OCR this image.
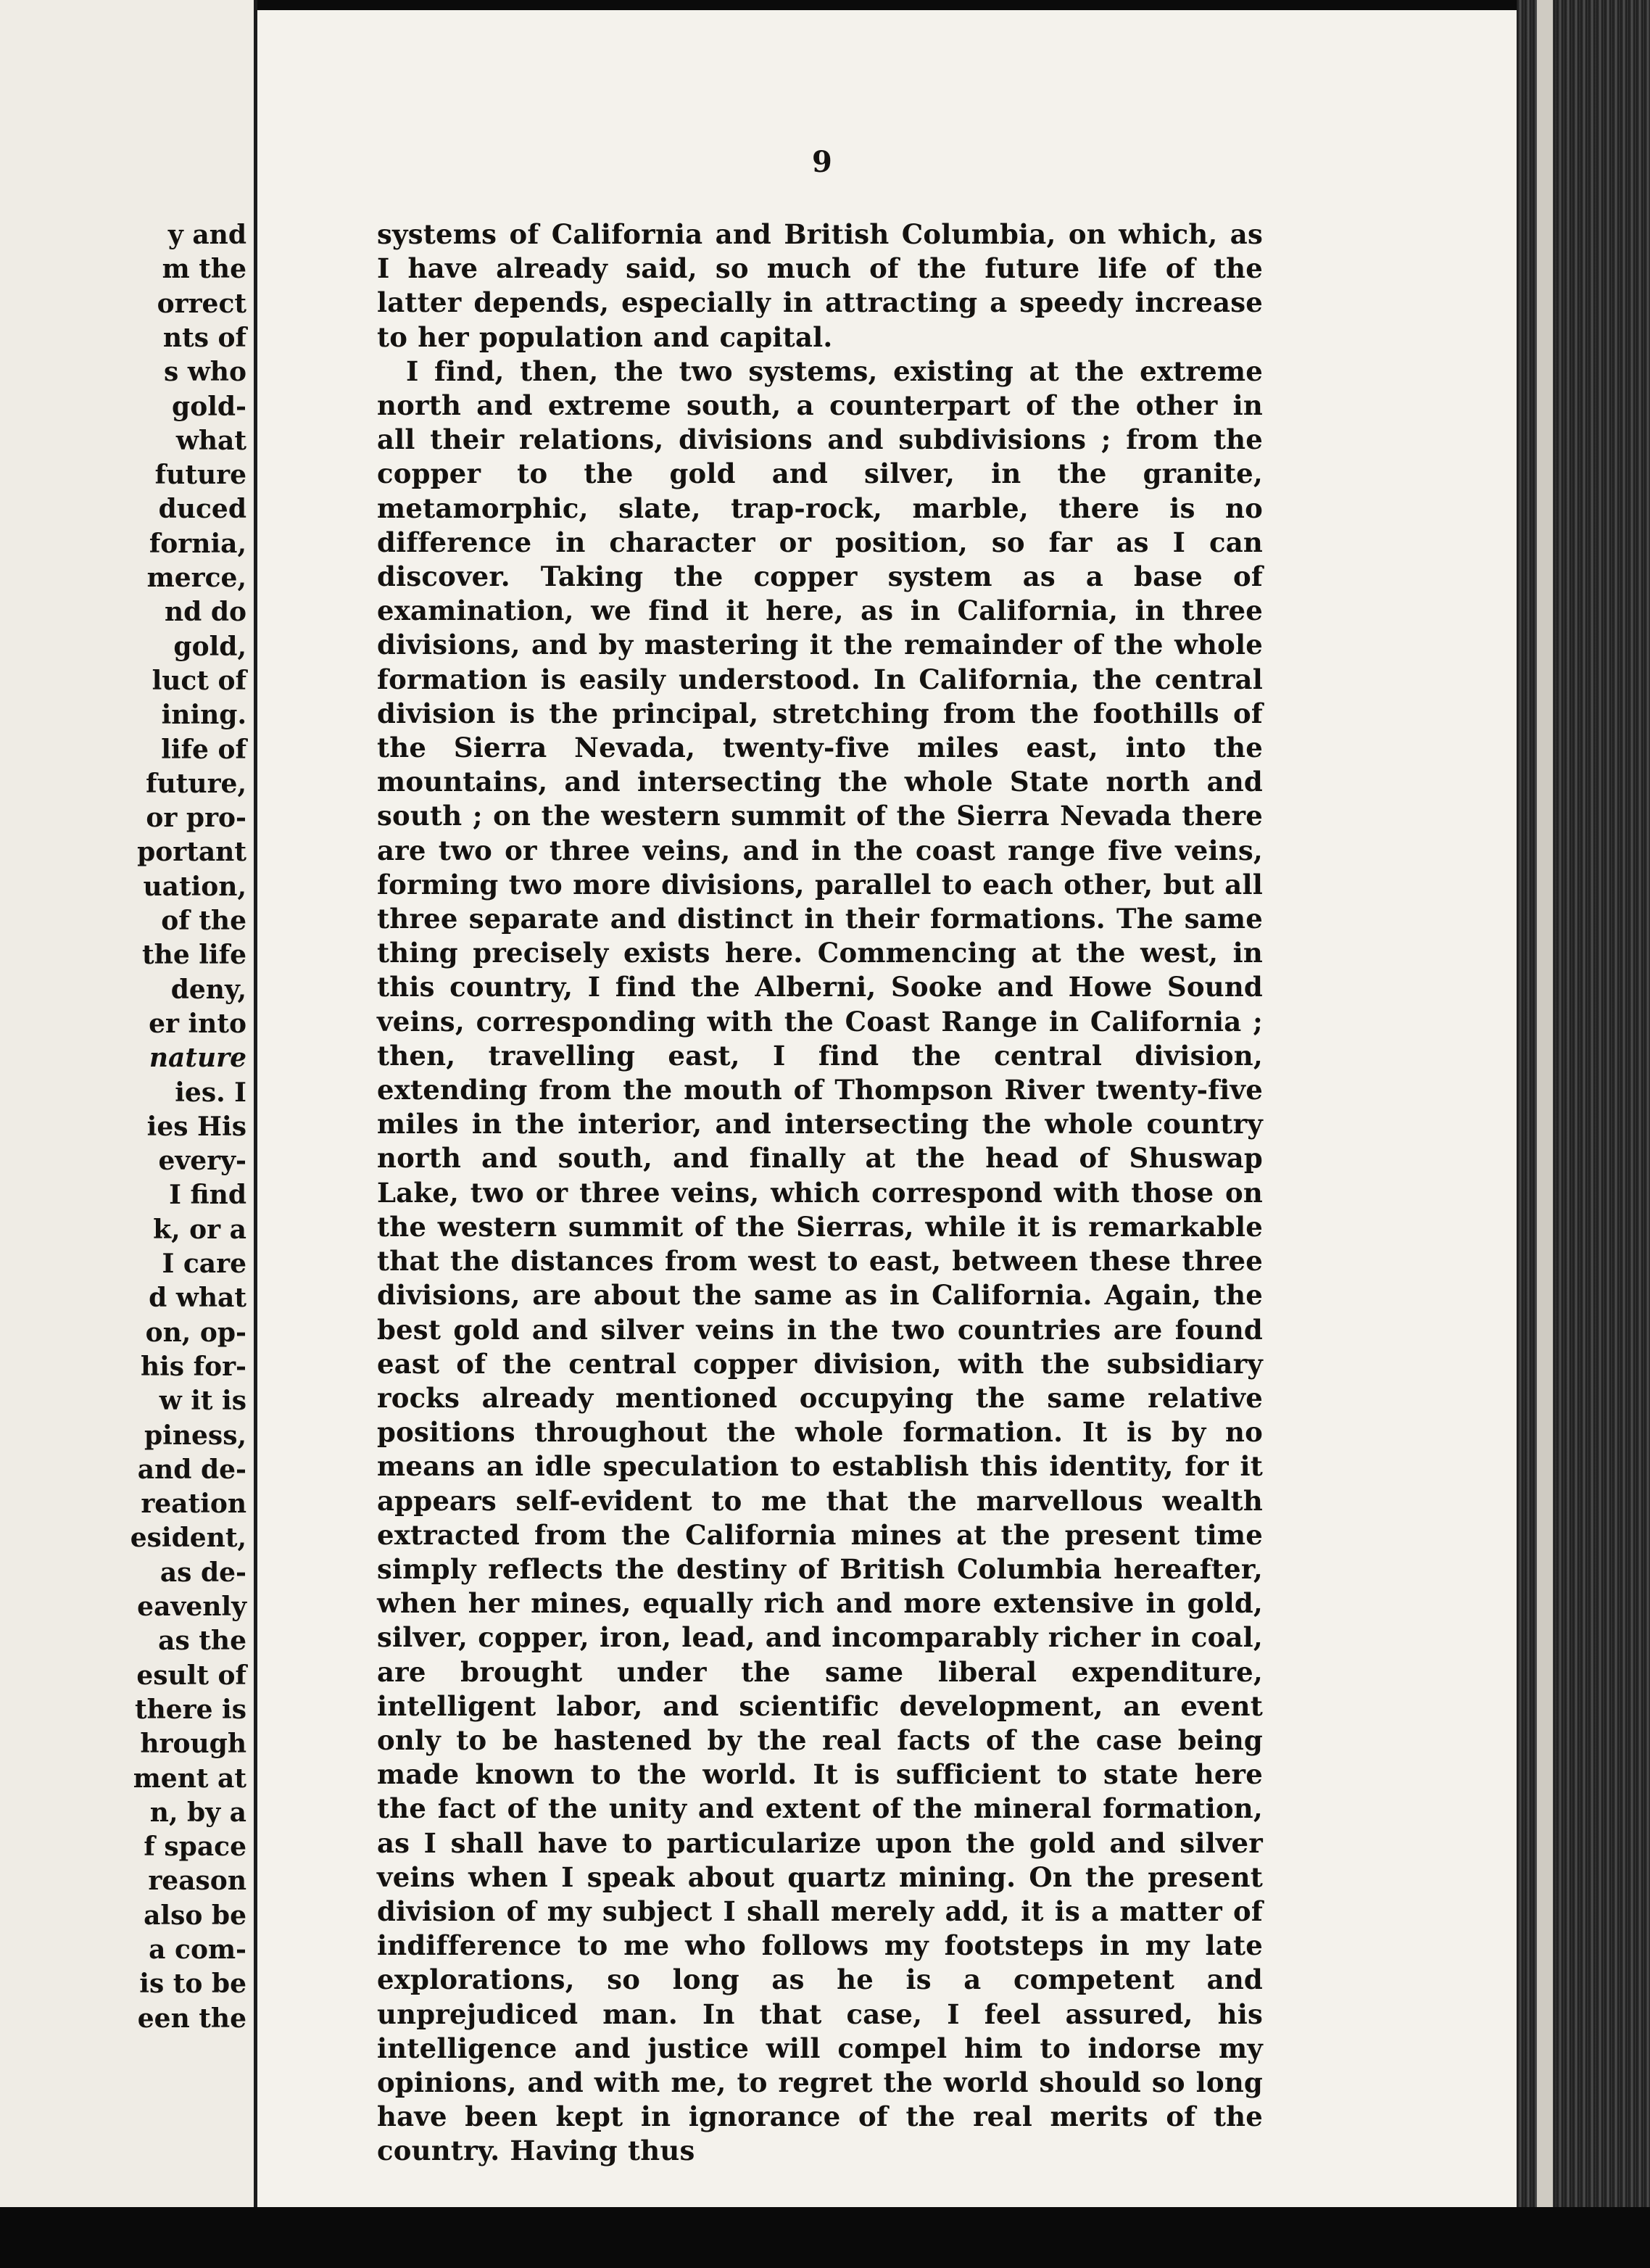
y and

m the

orrect

nts of

s who

gold-

what

future

duced

fornia,

merce,

nd do

gold,

luct of

ining.

life of

future,

or pro-

portant

uation,

of the

the life

deny,

er into

nature

ies. I

ies His

every-

I find

k, or a

I care

d what

on, op-

his for-

w it is

piness,

and de-

reation

esident,

as de-

eavenly

as the

esult of

there is

hrough

ment at

n, by a

f space

reason

also be

a com-

is to be

een the

9

systems of California and British Columbia, on which, as I have already said, so much of the future life of the latter depends, especially in attracting a speedy increase to her population and capital.

I find, then, the two systems, existing at the extreme north and extreme south, a counterpart of the other in all their relations, divisions and subdivisions ; from the copper to the gold and silver, in the granite, metamorphic, slate, trap-rock, marble, there is no difference in character or position, so far as I can discover. Taking the copper system as a base of examination, we find it here, as in California, in three divisions, and by mastering it the remainder of the whole formation is easily understood. In California, the central division is the principal, stretching from the foothills of the Sierra Nevada, twenty-five miles east, into the mountains, and intersecting the whole State north and south ; on the western summit of the Sierra Nevada there are two or three veins, and in the coast range five veins, forming two more divisions, parallel to each other, but all three separate and distinct in their formations. The same thing precisely exists here. Commencing at the west, in this country, I find the Alberni, Sooke and Howe Sound veins, corresponding with the Coast Range in California ; then, travelling east, I find the central division, extending from the mouth of Thompson River twenty-five miles in the interior, and intersecting the whole country north and south, and finally at the head of Shuswap Lake, two or three veins, which correspond with those on the western summit of the Sierras, while it is remarkable that the distances from west to east, between these three divisions, are about the same as in California. Again, the best gold and silver veins in the two countries are found east of the central copper division, with the subsidiary rocks already mentioned occupying the same relative positions throughout the whole formation. It is by no means an idle speculation to establish this identity, for it appears self-evident to me that the marvellous wealth extracted from the California mines at the present time simply reflects the destiny of British Columbia hereafter, when her mines, equally rich and more extensive in gold, silver, copper, iron, lead, and incomparably richer in coal, are brought under the same liberal expenditure, intelligent labor, and scientific development, an event only to be hastened by the real facts of the case being made known to the world. It is sufficient to state here the fact of the unity and extent of the mineral formation, as I shall have to particularize upon the gold and silver veins when I speak about quartz mining. On the present division of my subject I shall merely add, it is a matter of indifference to me who follows my footsteps in my late explorations, so long as he is a competent and unprejudiced man. In that case, I feel assured, his intelligence and justice will compel him to indorse my opinions, and with me, to regret the world should so long have been kept in ignorance of the real merits of the country. Having thus
